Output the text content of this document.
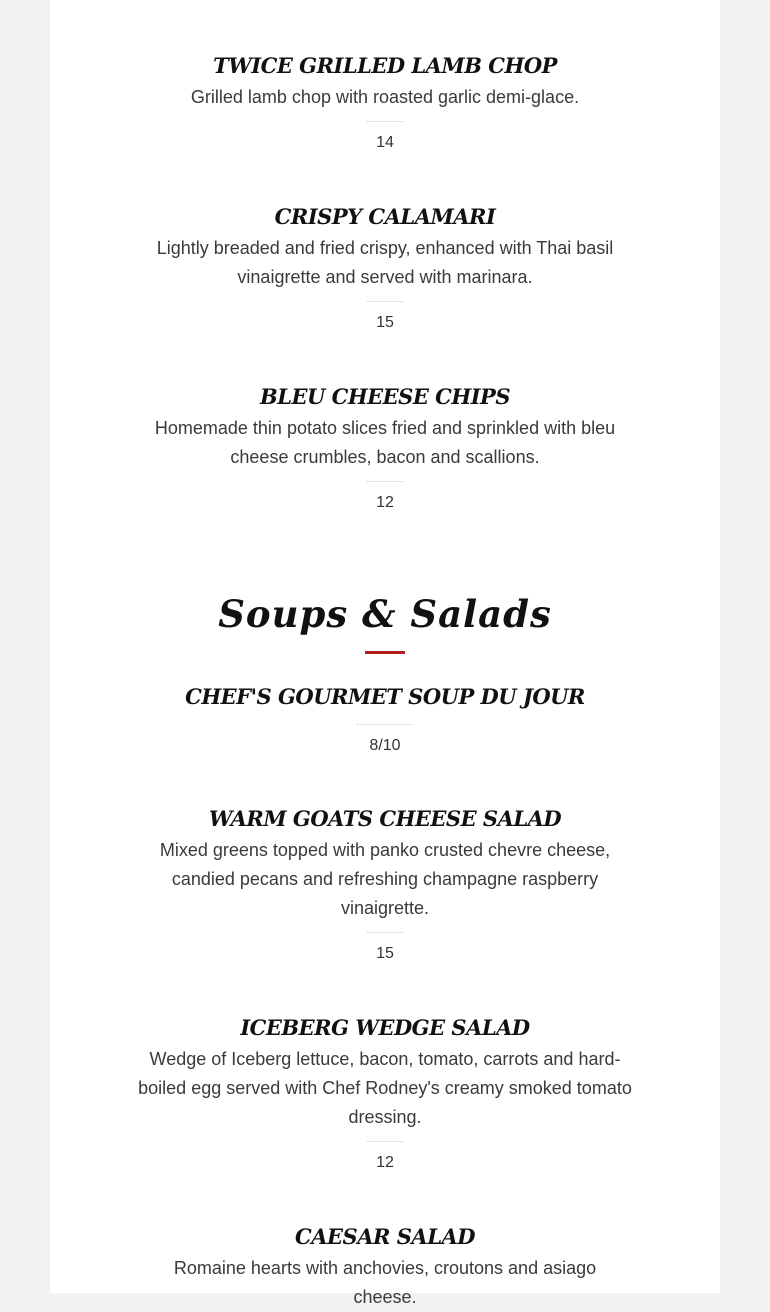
TWICE GRILLED LAMB CHOP

Grilled lamb chop with roasted garlic demi-glace.

14
CRISPY CALAMARI

Lightly breaded and fried crispy, enhanced with Thai basil vinaigrette and served with marinara.

15
BLEU CHEESE CHIPS

Homemade thin potato slices fried and sprinkled with bleu cheese crumbles, bacon and scallions.

12
Soups & Salads
CHEF'S GOURMET SOUP DU JOUR
8/10
WARM GOATS CHEESE SALAD

Mixed greens topped with panko crusted chevre cheese, candied pecans and refreshing champagne raspberry vinaigrette.

15
ICEBERG WEDGE SALAD

Wedge of Iceberg lettuce, bacon, tomato, carrots and hard-boiled egg served with Chef Rodney's creamy smoked tomato dressing.

12
CAESAR SALAD

Romaine hearts with anchovies, croutons and asiago cheese.
